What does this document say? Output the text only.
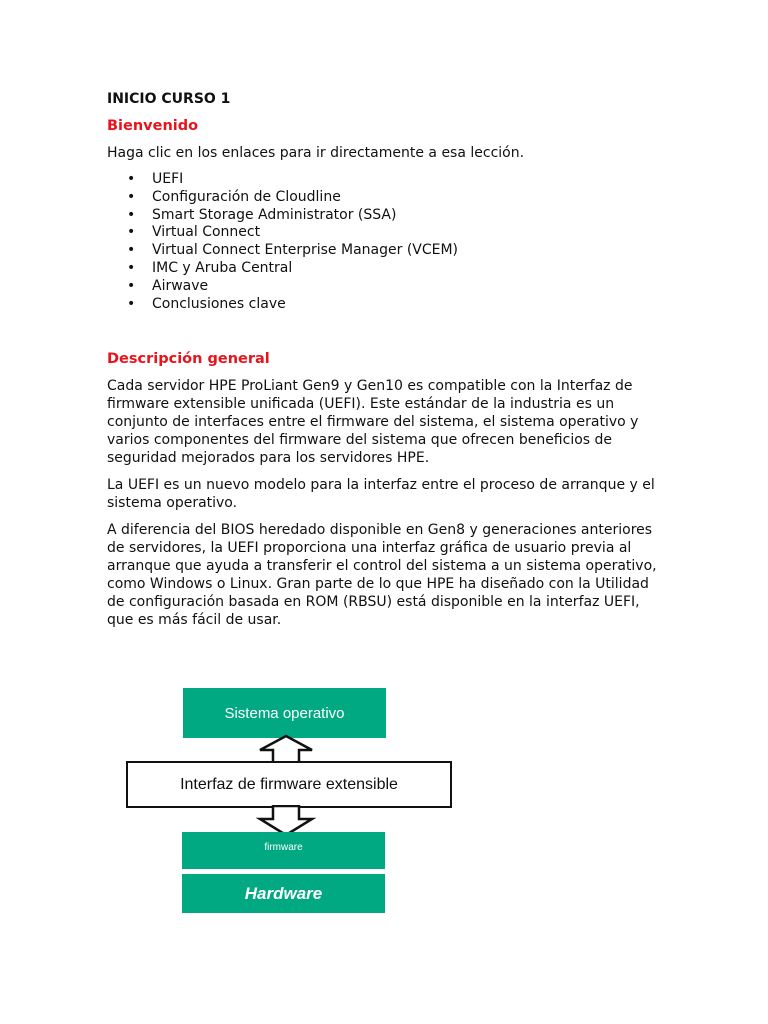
INICIO CURSO 1
Bienvenido
Haga clic en los enlaces para ir directamente a esa lección.
• UEFI
• Configuración de Cloudline
• Smart Storage Administrator (SSA)
• Virtual Connect
• Virtual Connect Enterprise Manager (VCEM)
• IMC y Aruba Central
• Airwave
• Conclusiones clave
Descripción general
Cada servidor HPE ProLiant Gen9 y Gen10 es compatible con la Interfaz de firmware extensible unificada (UEFI). Este estándar de la industria es un conjunto de interfaces entre el firmware del sistema, el sistema operativo y varios componentes del firmware del sistema que ofrecen beneficios de seguridad mejorados para los servidores HPE.
La UEFI es un nuevo modelo para la interfaz entre el proceso de arranque y el sistema operativo.
A diferencia del BIOS heredado disponible en Gen8 y generaciones anteriores de servidores, la UEFI proporciona una interfaz gráfica de usuario previa al arranque que ayuda a transferir el control del sistema a un sistema operativo, como Windows o Linux. Gran parte de lo que HPE ha diseñado con la Utilidad de configuración basada en ROM (RBSU) está disponible en la interfaz UEFI, que es más fácil de usar.
Sistema operativo
Interfaz de firmware extensible
firmware
Hardware
